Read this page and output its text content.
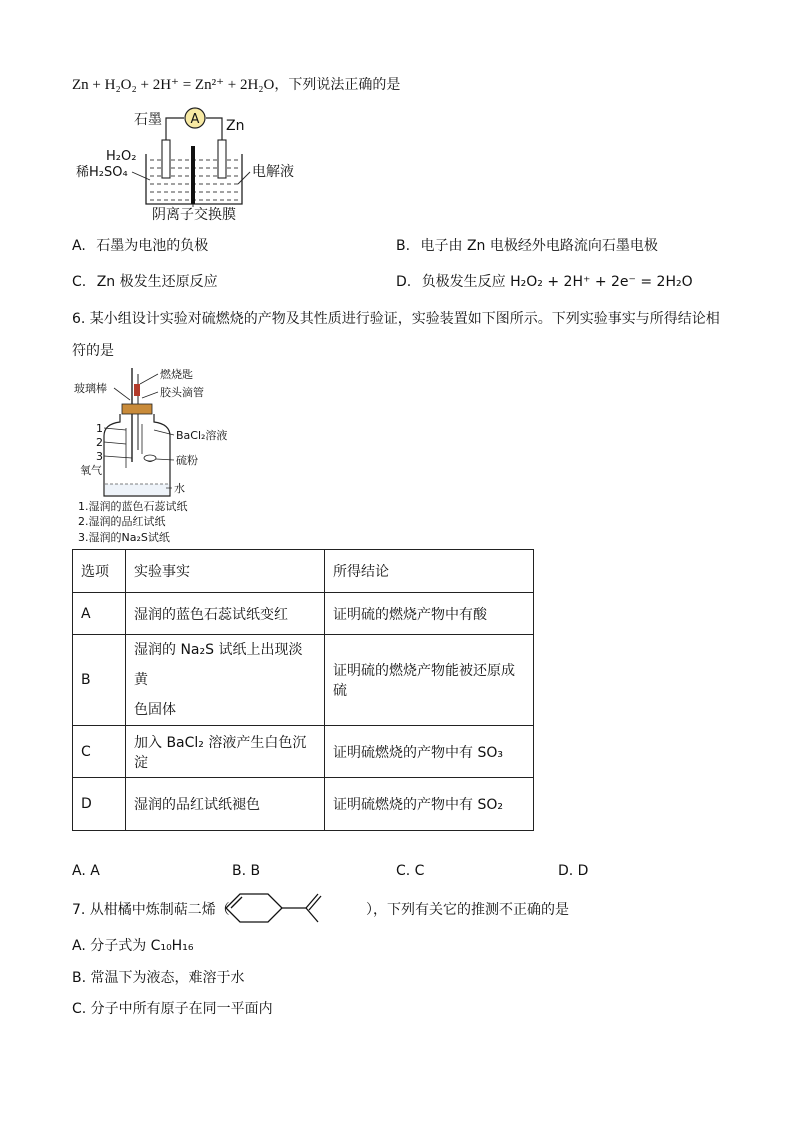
Zn + H₂O₂ + 2H⁺ = Zn²⁺ + 2H₂O，下列说法正确的是
A
石墨	Zn
H₂O₂
稀H₂SO₄	电解液
阴离子交换膜
A. 石墨为电池的负极	B. 电子由 Zn 电极经外电路流向石墨电极
C. Zn 极发生还原反应	D. 负极发生反应 H₂O₂ + 2H⁺ + 2e⁻ = 2H₂O
6. 某小组设计实验对硫燃烧的产物及其性质进行验证，实验装置如下图所示。下列实验事实与所得结论相
符的是
燃烧匙
胶头滴管
玻璃棒
1
2
3
氧气
BaCl₂溶液
硫粉
水
1.湿润的蓝色石蕊试纸
2.湿润的品红试纸
3.湿润的Na₂S试纸
选项	实验事实	所得结论
A	湿润的蓝色石蕊试纸变红	证明硫的燃烧产物中有酸
B	湿润的 Na₂S 试纸上出现淡黄
色固体	证明硫的燃烧产物能被还原成硫
C	加入 BaCl₂ 溶液产生白色沉淀	证明硫燃烧的产物中有 SO₃
D	湿润的品红试纸褪色	证明硫燃烧的产物中有 SO₂
A. A	B. B	C. C	D. D
7. 从柑橘中炼制萜二烯（	），下列有关它的推测不正确的是
A. 分子式为 C₁₀H₁₆
B. 常温下为液态，难溶于水
C. 分子中所有原子在同一平面内
